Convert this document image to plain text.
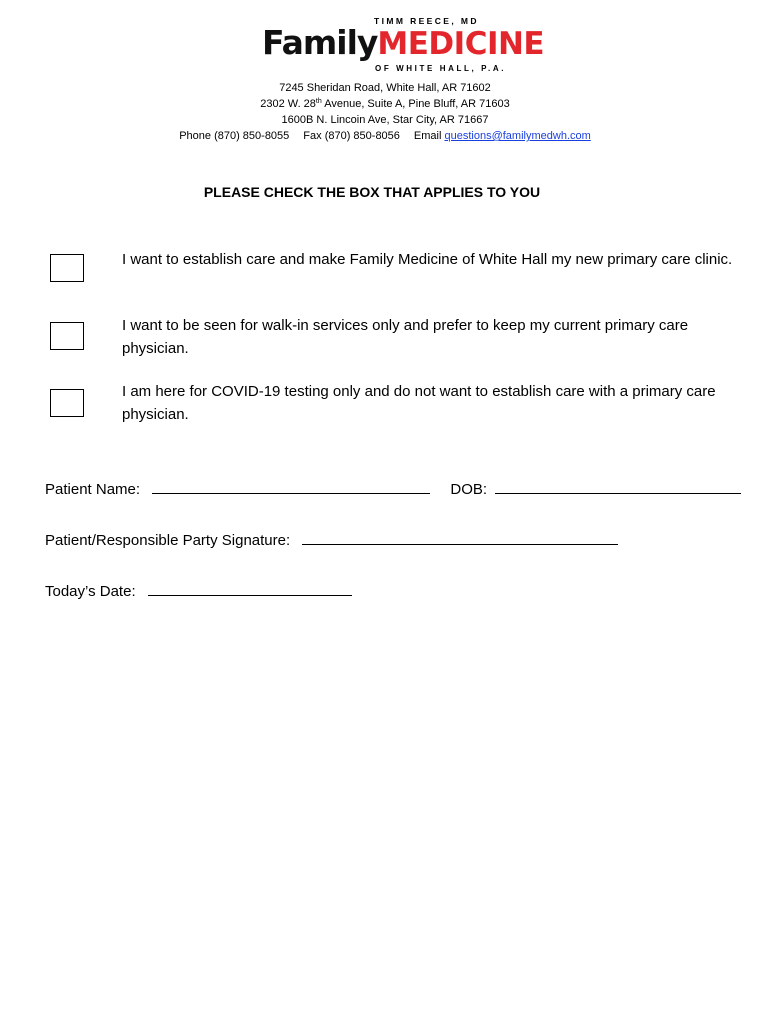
TIMM REECE, MD
FamilyMEDICINE
OF WHITE HALL, P.A.
7245 Sheridan Road, White Hall, AR 71602
2302 W. 28th Avenue, Suite A, Pine Bluff, AR 71603
1600B N. Lincoin Ave, Star City, AR 71667
Phone (870) 850-8055 Fax (870) 850-8056 Email questions@familymedwh.com
PLEASE CHECK THE BOX THAT APPLIES TO YOU
I want to establish care and make Family Medicine of White Hall my new primary care clinic.
I want to be seen for walk-in services only and prefer to keep my current primary care physician.
I am here for COVID-19 testing only and do not want to establish care with a primary care physician.
Patient Name:	DOB:
Patient/Responsible Party Signature:
Today’s Date:
